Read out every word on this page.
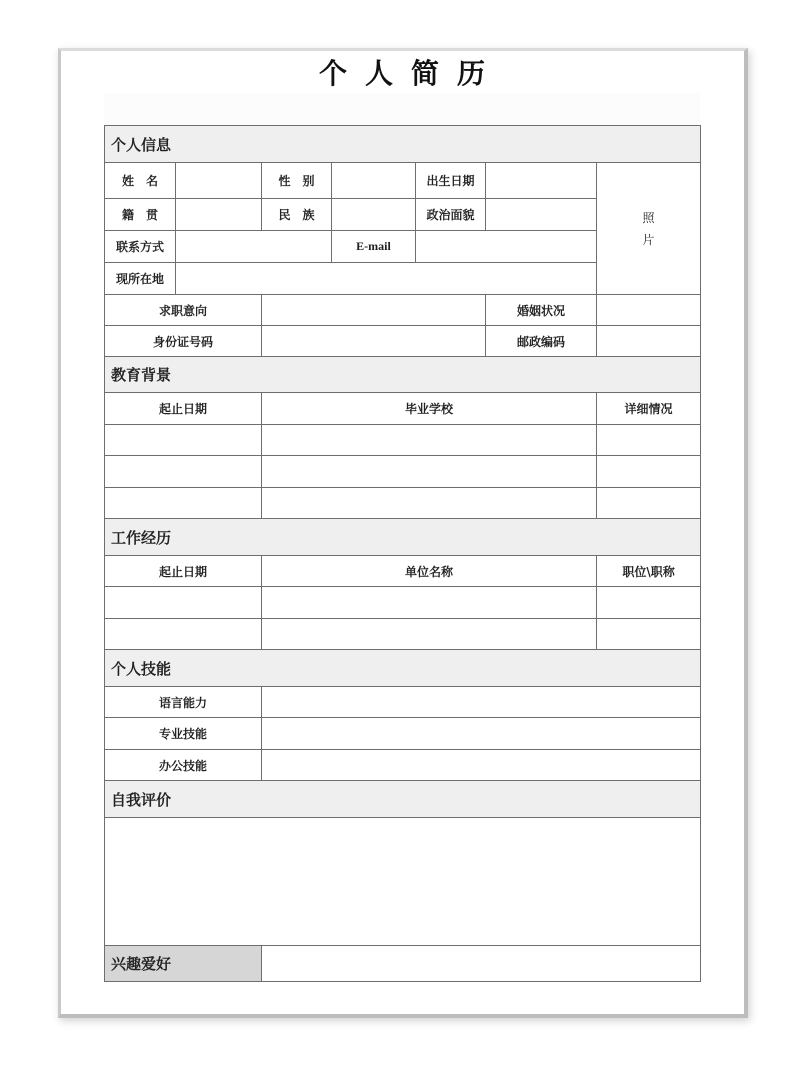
个人简历
个人信息						
姓　名		性　别		出生日期		照
片

籍　贯		民　族		政治面貌		
联系方式			E-mail			
现所在地						
求职意向					婚姻状况	
身份证号码					邮政编码	
教育背景						
起止日期		毕业学校				详细情况

工作经历						
起止日期		单位名称				职位\职称

个人技能						
语言能力						
专业技能						
办公技能						
自我评价						

兴趣爱好						
